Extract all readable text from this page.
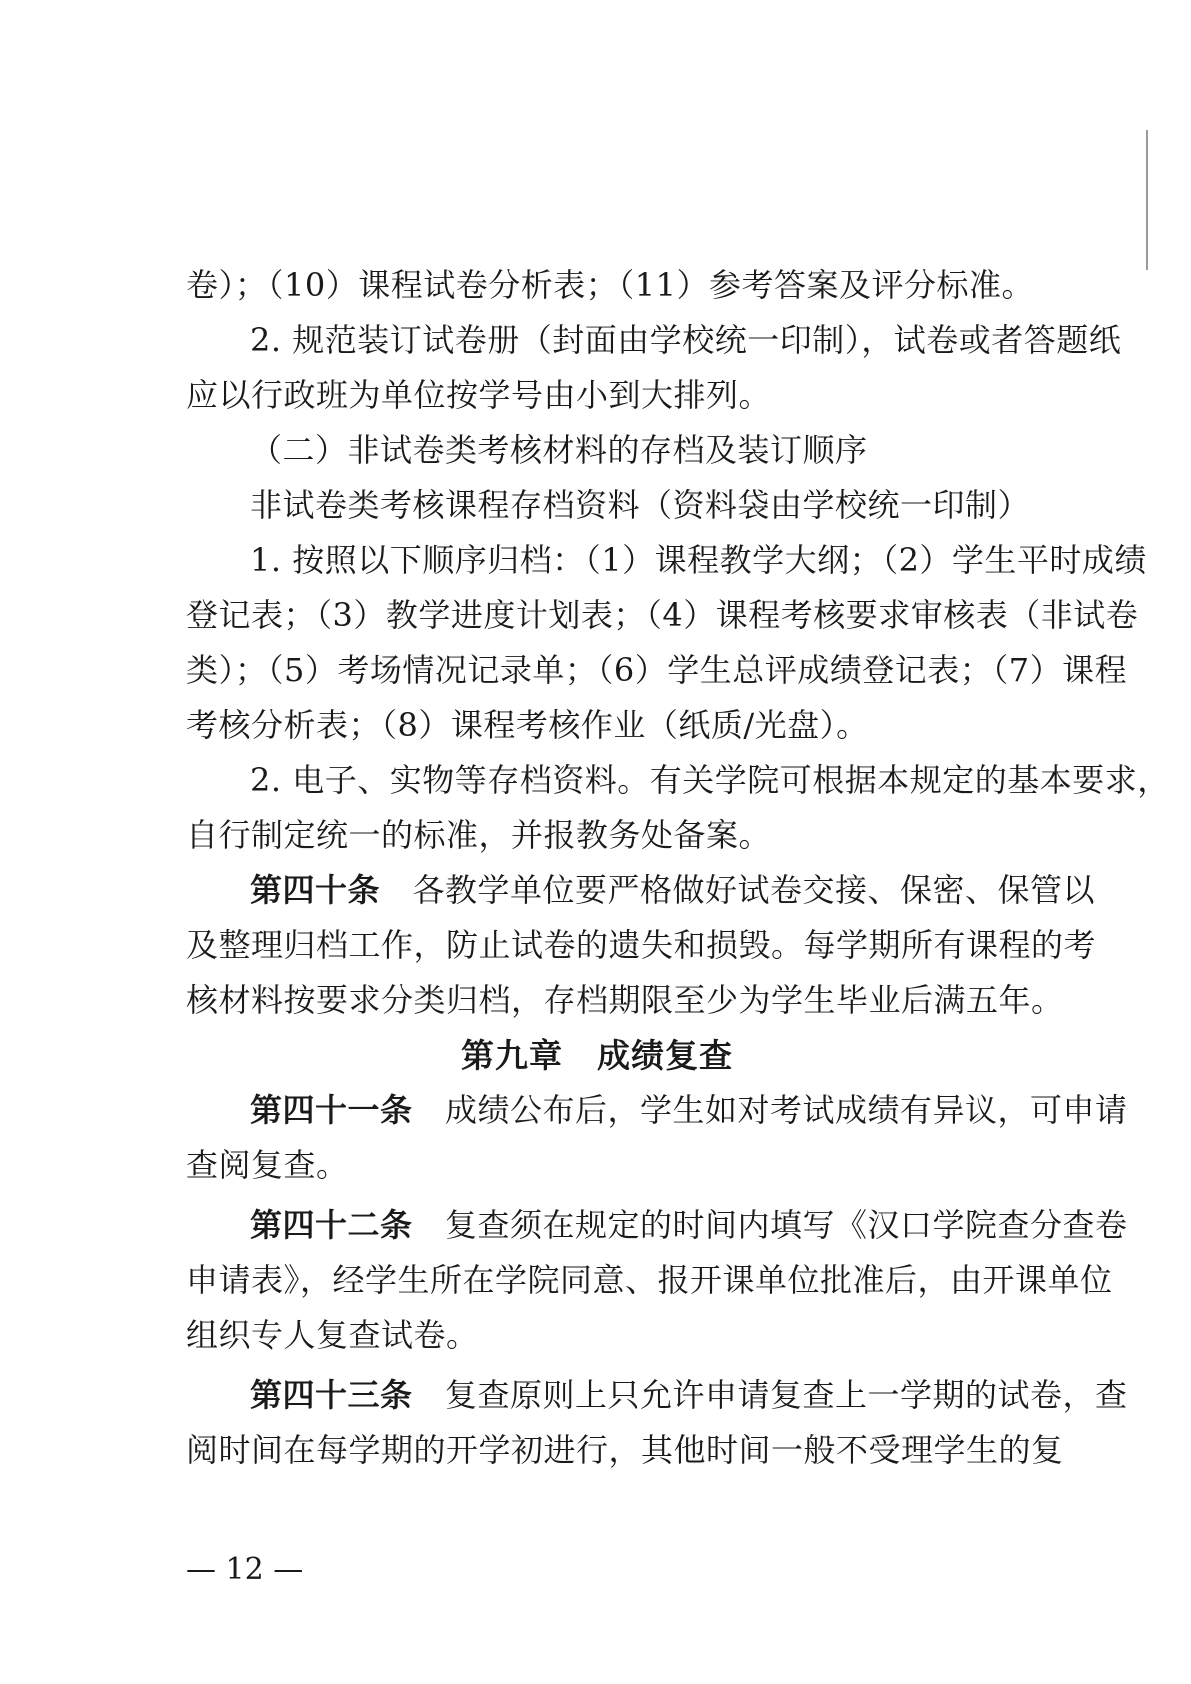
卷）；（10）课程试卷分析表；（11）参考答案及评分标准。
2. 规范装订试卷册（封面由学校统一印制），试卷或者答题纸
应以行政班为单位按学号由小到大排列。
（二）非试卷类考核材料的存档及装订顺序
非试卷类考核课程存档资料（资料袋由学校统一印制）
1. 按照以下顺序归档：（1）课程教学大纲；（2）学生平时成绩
登记表；（3）教学进度计划表；（4）课程考核要求审核表（非试卷
类）；（5）考场情况记录单；（6）学生总评成绩登记表；（7）课程
考核分析表；（8）课程考核作业（纸质/光盘）。
2. 电子、实物等存档资料。有关学院可根据本规定的基本要求，
自行制定统一的标准，并报教务处备案。
第四十条　 各教学单位要严格做好试卷交接、保密、保管以
及整理归档工作，防止试卷的遗失和损毁。每学期所有课程的考
核材料按要求分类归档，存档期限至少为学生毕业后满五年。
第九章　成绩复查
第四十一条　 成绩公布后，学生如对考试成绩有异议，可申请
查阅复查。
第四十二条　 复查须在规定的时间内填写《汉口学院查分查卷
申请表》，经学生所在学院同意、报开课单位批准后，由开课单位
组织专人复查试卷。
第四十三条　 复查原则上只允许申请复查上一学期的试卷，查
阅时间在每学期的开学初进行，其他时间一般不受理学生的复
— 12 —
